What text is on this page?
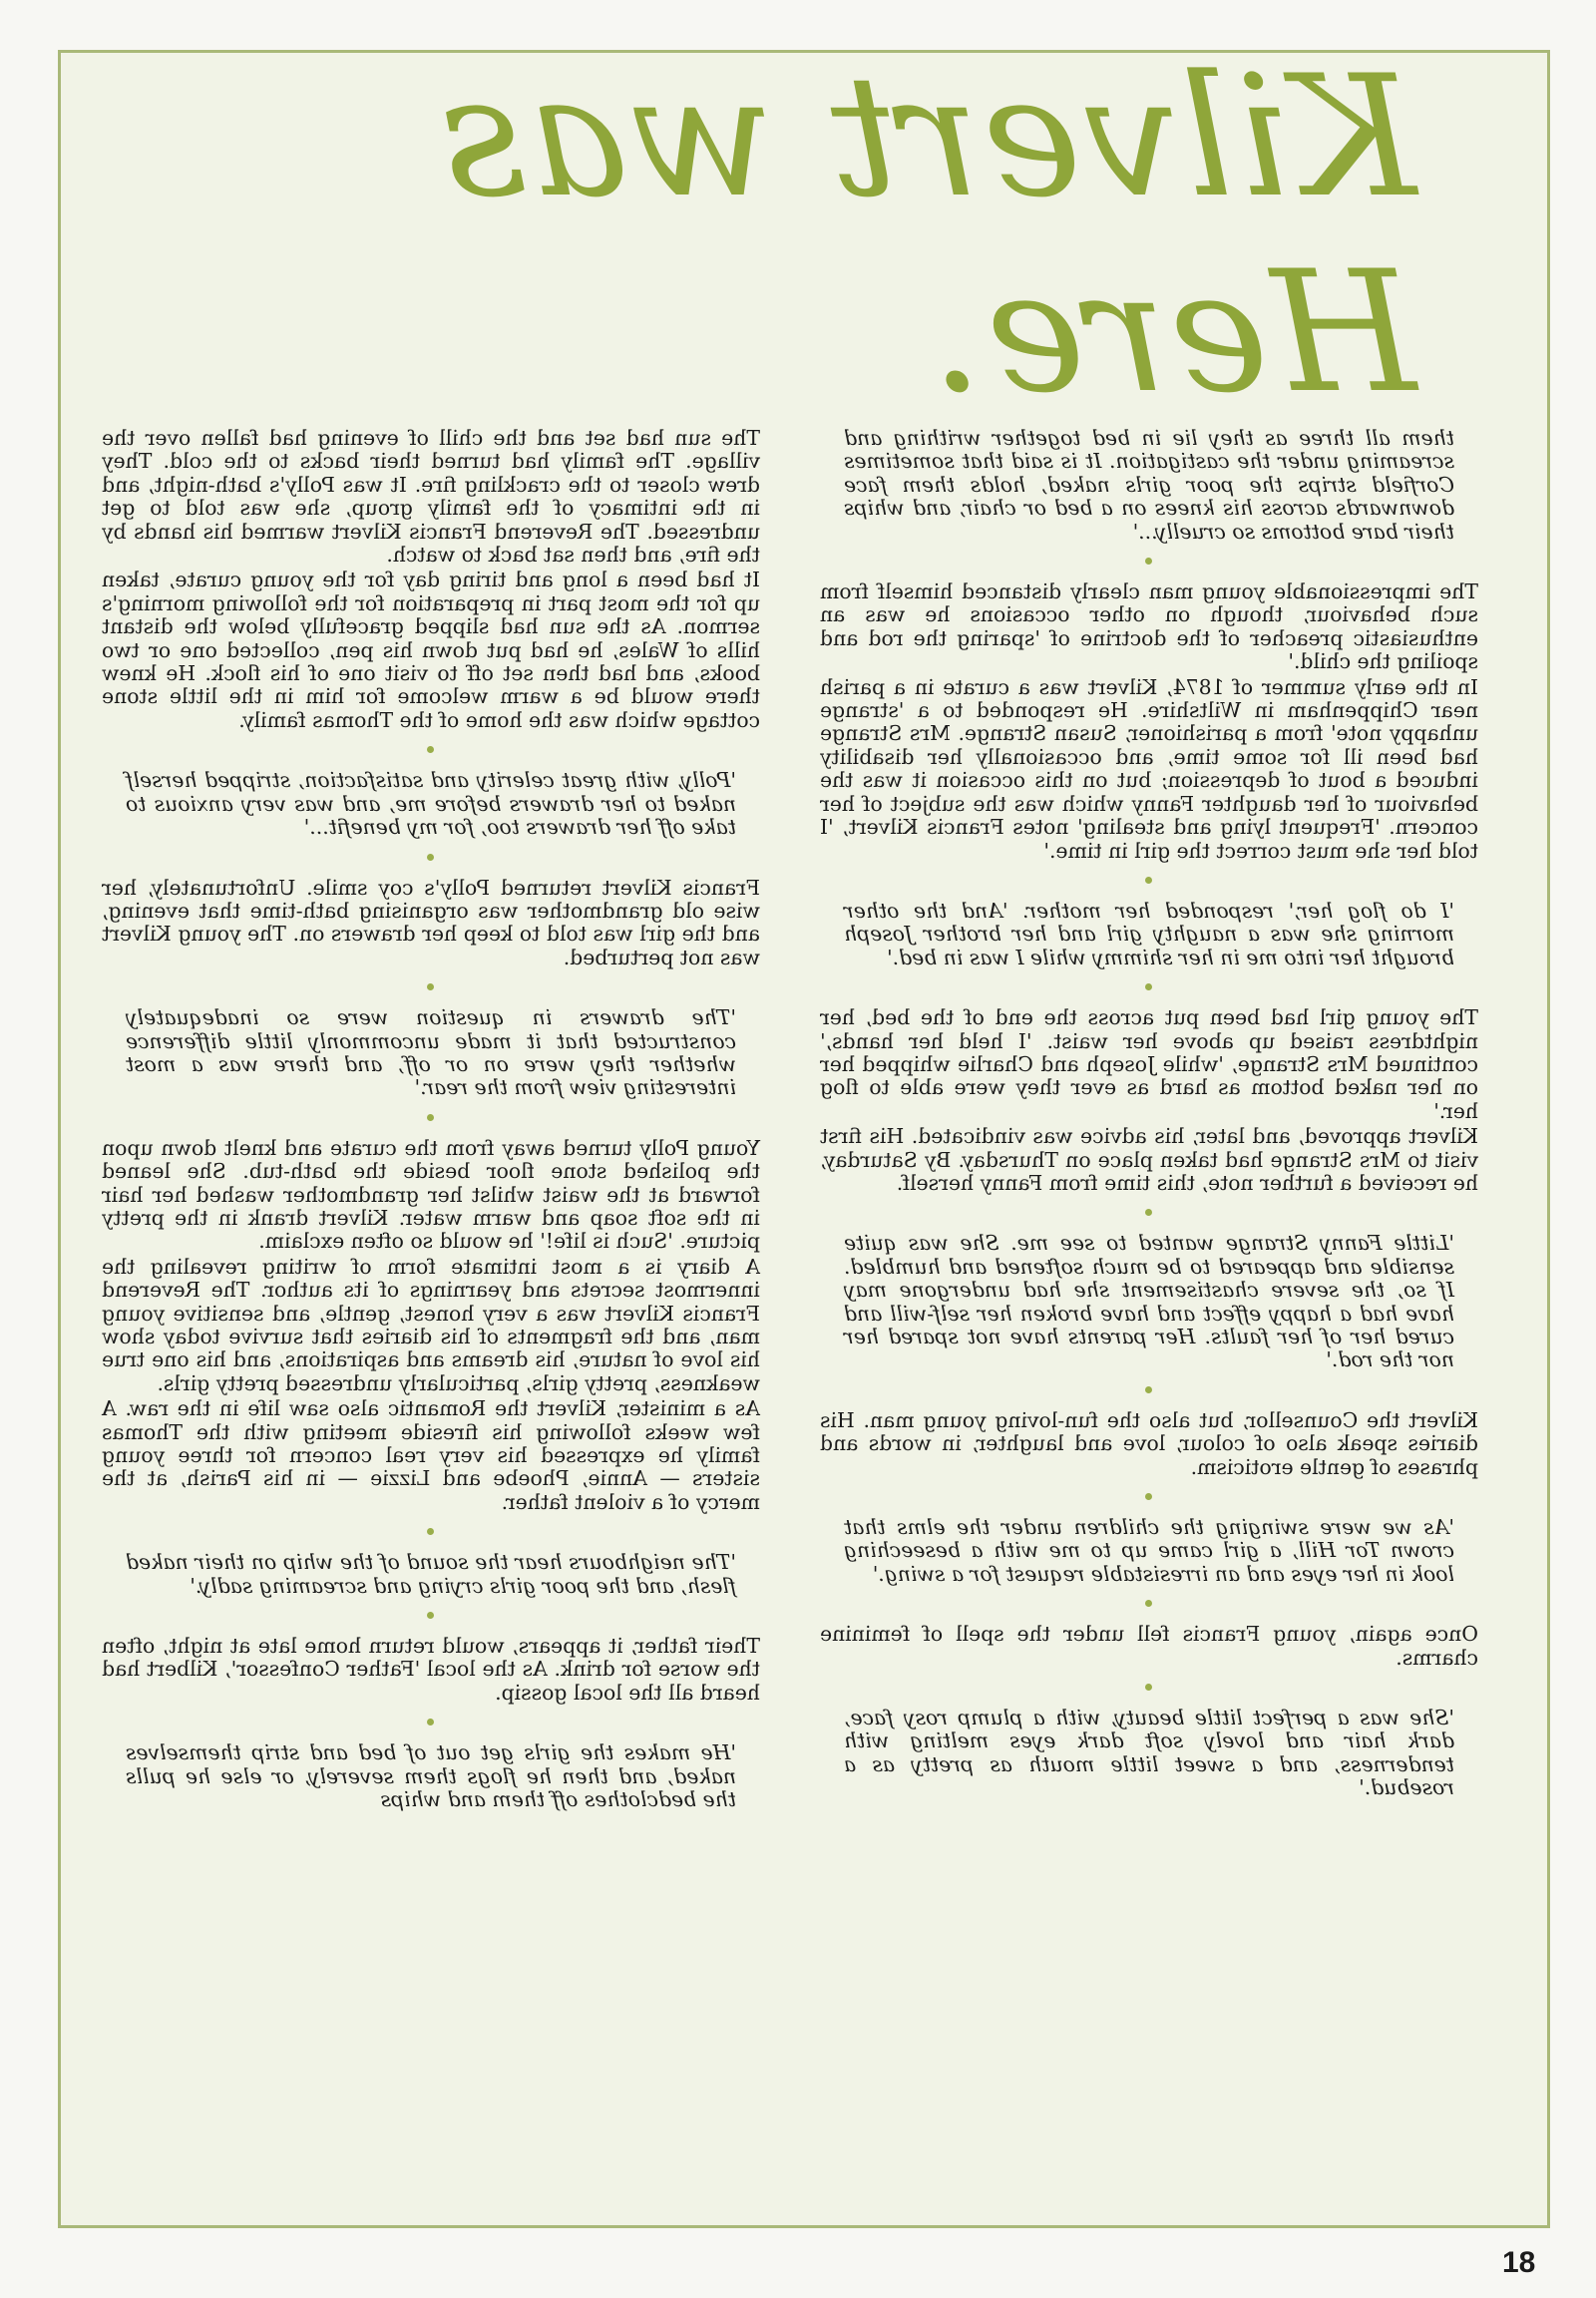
Kilvert was Here.

The sun had set and the chill of evening had fallen over the village. The family had turned their backs to the cold. They drew closer to the crackling fire. It was Polly's bath-night, and in the intimacy of the family group, she was told to get undressed. The Reverend Francis Kilvert warmed his hands by the fire, and then sat back to watch.

It had been a long and tiring day for the young curate, taken up for the most part in preparation for the following morning's sermon. As the sun had slipped gracefully below the distant hills of Wales, he had put down his pen, collected one or two books, and had then set off to visit one of his flock. He knew there would be a warm welcome for him in the little stone cottage which was the home of the Thomas family.

'Polly, with great celerity and satisfaction, stripped herself naked to her drawers before me, and was very anxious to take off her drawers too, for my benefit...'

Francis Kilvert returned Polly's coy smile. Unfortunately, her wise old grandmother was organising bath-time that evening, and the girl was told to keep her drawers on. The young Kilvert was not perturbed.

'The drawers in question were so inadequately constructed that it made uncommonly little difference whether they were on or off, and there was a most interesting view from the rear.'

Young Polly turned away from the curate and knelt down upon the polished stone floor beside the bath-tub. She leaned forward at the waist whilst her grandmother washed her hair in the soft soap and warm water. Kilvert drank in the pretty picture. 'Such is life!' he would so often exclaim.

A diary is a most intimate form of writing revealing the innermost secrets and yearnings of its author. The Reverend Francis Kilvert was a very honest, gentle, and sensitive young man, and the fragments of his diaries that survive today show his love of nature, his dreams and aspirations, and his one true weakness, pretty girls, particularly undressed pretty girls.

As a minister, Kilvert the Romantic also saw life in the raw. A few weeks following his fireside meeting with the Thomas family he expressed his very real concern for three young sisters — Annie, Phoebe and Lizzie — in his Parish, at the mercy of a violent father.

'The neighbours hear the sound of the whip on their naked flesh, and the poor girls crying and screaming sadly.'

Their father, it appears, would return home late at night, often the worse for drink. As the local 'Father Confessor', Kilbert had heard all the local gossip.

'He makes the girls get out of bed and strip themselves naked, and then he flogs them severely, or else he pulls the bedclothes off them and whips

them all three as they lie in bed together writhing and screaming under the castigation. It is said that sometimes Corfield strips the poor girls naked, holds them face downwards across his knees on a bed or chair, and whips their bare bottoms so cruelly...'

The impressionable young man clearly distanced himself from such behaviour, though on other occasions he was an enthusiastic preacher of the doctrine of 'sparing the rod and spoiling the child.'

In the early summer of 1874, Kilvert was a curate in a parish near Chippenham in Wiltshire. He responded to a 'strange unhappy note' from a parishioner, Susan Strange. Mrs Strange had been ill for some time, and occasionally her disability induced a bout of depression; but on this occasion it was the behaviour of her daughter Fanny which was the subject of her concern. 'Frequent lying and stealing' notes Francis Kilvert, 'I told her she must correct the girl in time.'

'I do flog her,' responded her mother. 'And the other morning she was a naughty girl and her brother Joseph brought her into me in her shimmy while I was in bed.'

The young girl had been put across the end of the bed, her nightdress raised up above her waist. 'I held her hands,' continued Mrs Strange, 'while Joseph and Charlie whipped her on her naked bottom as hard as ever they were able to flog her.'

Kilvert approved, and later, his advice was vindicated. His first visit to Mrs Strange had taken place on Thursday. By Saturday, he received a further note, this time from Fanny herself.

'Little Fanny Strange wanted to see me. She was quite sensible and appeared to be much softened and humbled. If so, the severe chastisement she had undergone may have had a happy effect and have broken her self-will and cured her of her faults. Her parents have not spared her nor the rod.'

Kilvert the Counsellor, but also the fun-loving young man. His diaries speak also of colour, love and laughter, in words and phrases of gentle eroticism.

'As we were swinging the children under the elms that crown Tor Hill, a girl came up to me with a beseeching look in her eyes and an irresistable request for a swing.'

Once again, young Francis fell under the spell of feminine charms.

'She was a perfect little beauty, with a plump rosy face, dark hair and lovely soft dark eyes melting with tenderness, and a sweet little mouth as pretty as a rosebud.'

18
